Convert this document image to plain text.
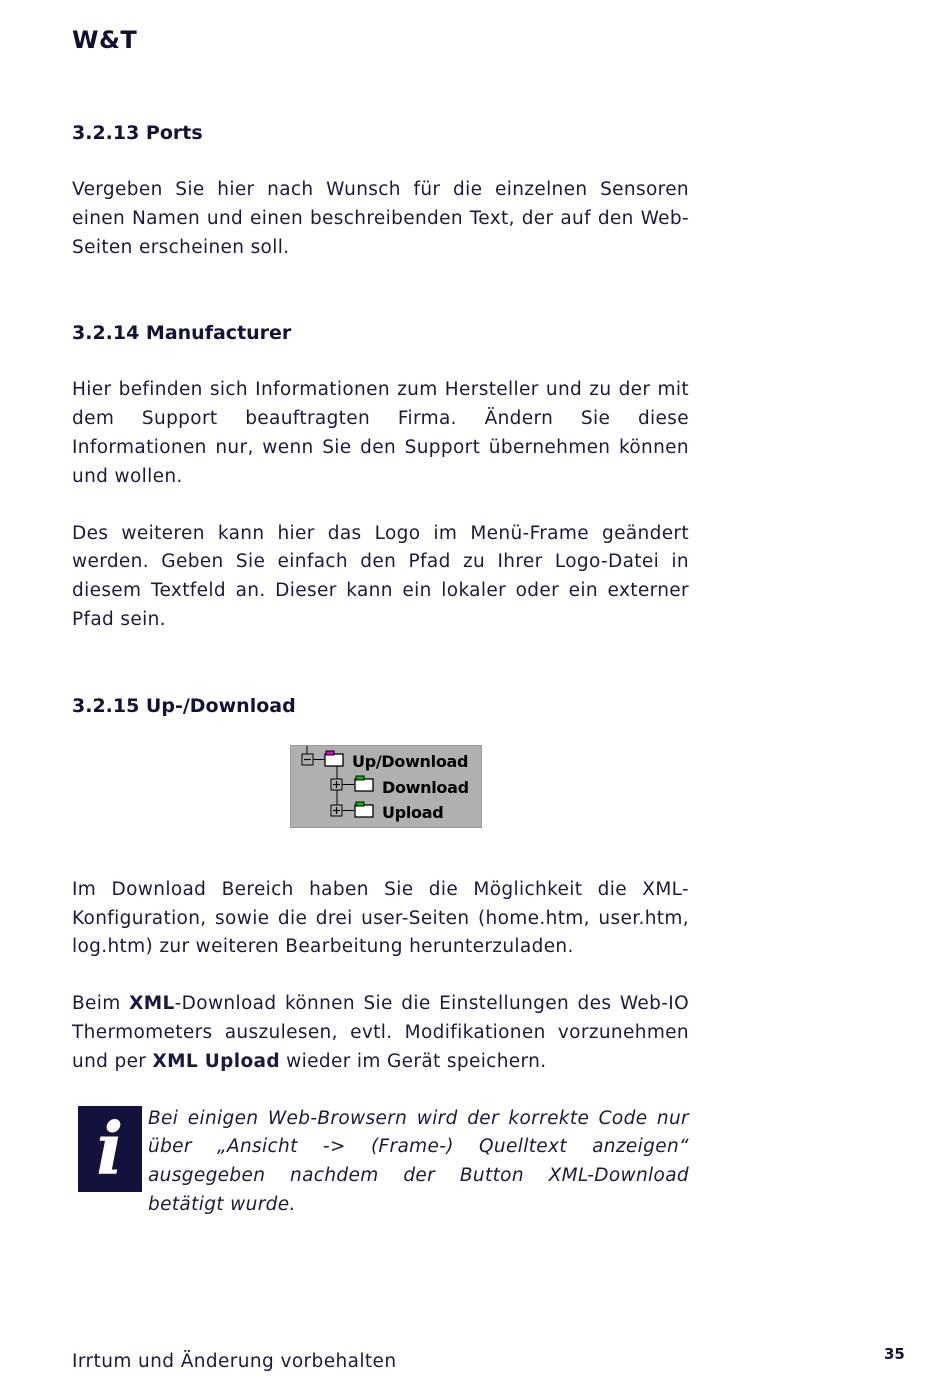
W&T
3.2.13 Ports

Vergeben Sie hier nach Wunsch für die einzelnen Sensoren einen Namen und einen beschreibenden Text, der auf den Web-Seiten erscheinen soll.

3.2.14 Manufacturer

Hier befinden sich Informationen zum Hersteller und zu der mit dem Support beauftragten Firma. Ändern Sie diese Informationen nur, wenn Sie den Support übernehmen können und wollen.

Des weiteren kann hier das Logo im Menü-Frame geändert werden. Geben Sie einfach den Pfad zu Ihrer Logo-Datei in diesem Textfeld an. Dieser kann ein lokaler oder ein externer Pfad sein.

3.2.15 Up-/Download
Up/Download
Download
Upload

Im Download Bereich haben Sie die Möglichkeit die XML-Konfiguration, sowie die drei user-Seiten (home.htm, user.htm, log.htm) zur weiteren Bearbeitung herunterzuladen.

Beim XML-Download können Sie die Einstellungen des Web-IO Thermometers auszulesen, evtl. Modifikationen vorzunehmen und per XML Upload wieder im Gerät speichern.

i	Bei einigen Web-Browsern wird der korrekte Code nur über „Ansicht -> (Frame-) Quelltext anzeigen“ ausgegeben nachdem der Button XML-Download betätigt wurde.
Irrtum und Änderung vorbehalten	35
